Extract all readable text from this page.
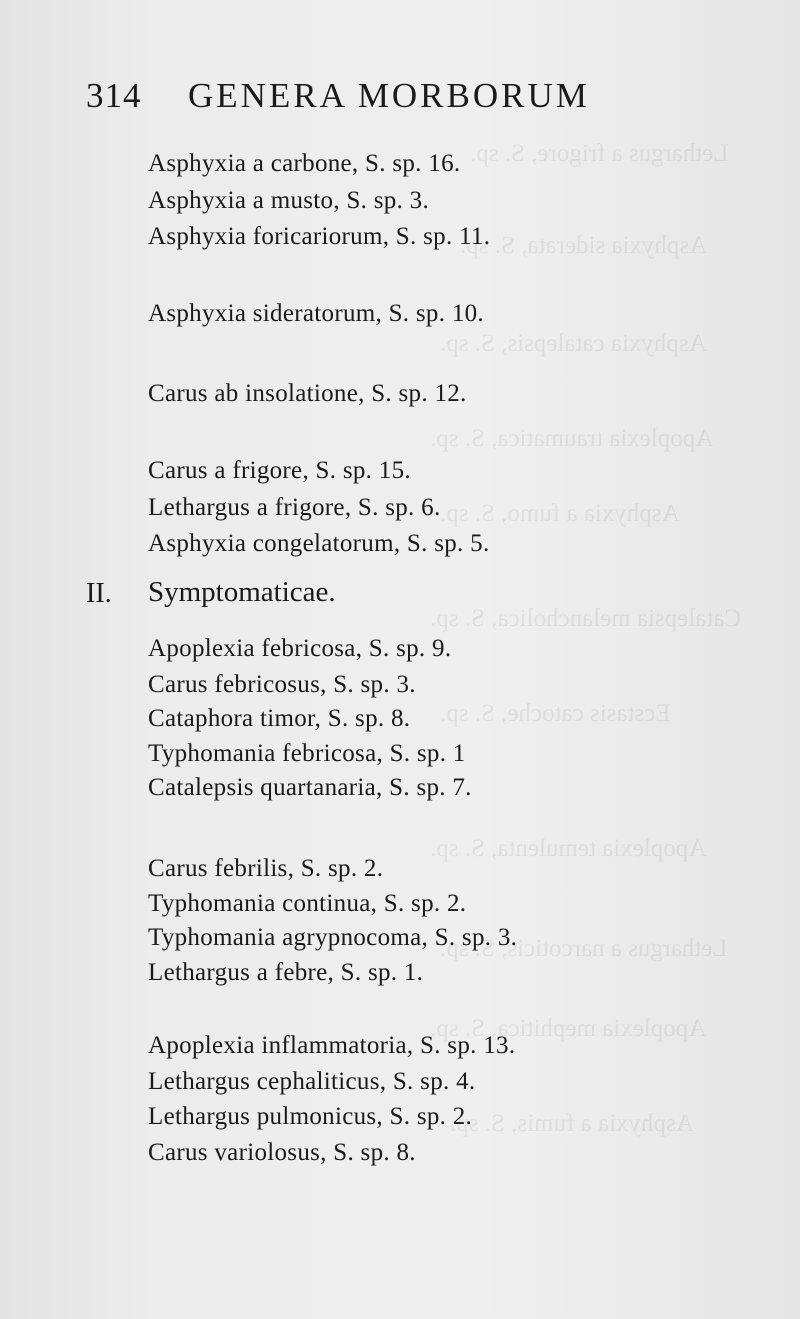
Lethargus a frigore, S. sp.
Asphyxia siderata, S. sp.
Asphyxia catalepsis, S. sp.
Apoplexia traumatica, S. sp.
Asphyxia a fumo, S. sp.
Catalepsia melancholica, S. sp.
Ecstasis catoche, S. sp.
Apoplexia temulenta, S. sp.
Lethargus a narcoticis, S. sp.
Apoplexia mephitica, S. sp.
Asphyxia a fumis, S. sp.
314 GENERA MORBORUM
Asphyxia a carbone, S. sp. 16.
Asphyxia a musto, S. sp. 3.
Asphyxia foricariorum, S. sp. 11.
Asphyxia sideratorum, S. sp. 10.
Carus ab insolatione, S. sp. 12.
Carus a frigore, S. sp. 15.
Lethargus a frigore, S. sp. 6.
Asphyxia congelatorum, S. sp. 5.
Apoplexia febricosa, S. sp. 9.
Carus febricosus, S. sp. 3.
Cataphora timor, S. sp. 8.
Typhomania febricosa, S. sp. 1
Catalepsis quartanaria, S. sp. 7.
Carus febrilis, S. sp. 2.
Typhomania continua, S. sp. 2.
Typhomania agrypnocoma, S. sp. 3.
Lethargus a febre, S. sp. 1.
Apoplexia inflammatoria, S. sp. 13.
Lethargus cephaliticus, S. sp. 4.
Lethargus pulmonicus, S. sp. 2.
Carus variolosus, S. sp. 8.
II. Symptomaticae.
